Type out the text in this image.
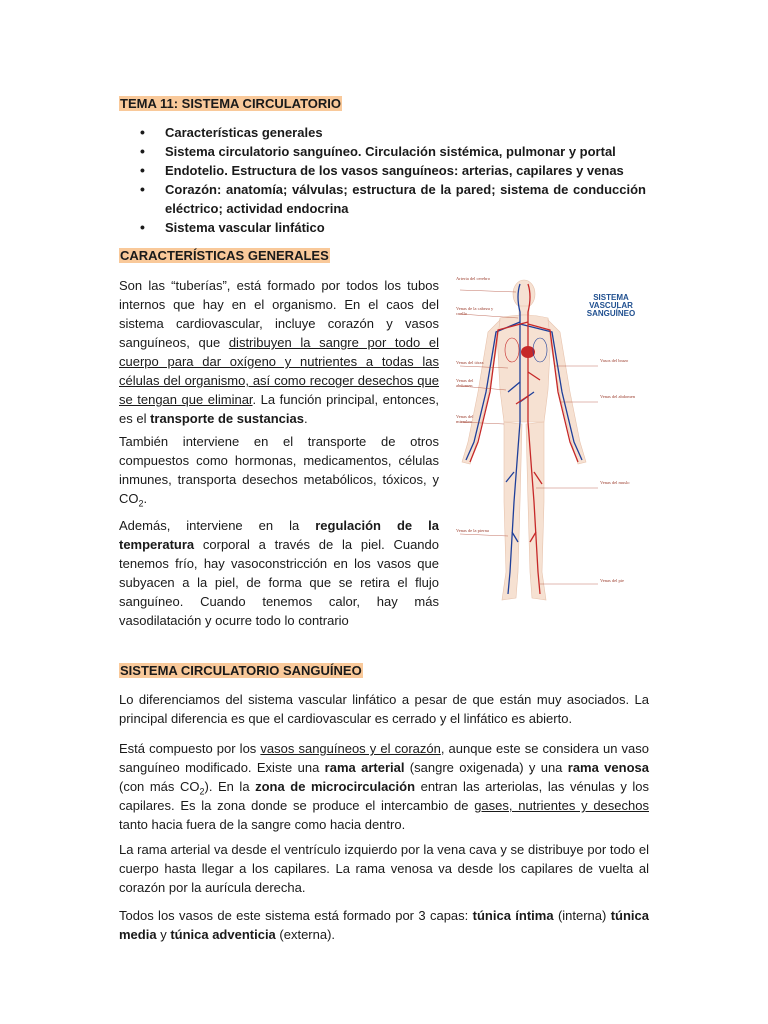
TEMA 11: SISTEMA CIRCULATORIO
• Características generales
• Sistema circulatorio sanguíneo. Circulación sistémica, pulmonar y portal
• Endotelio. Estructura de los vasos sanguíneos: arterias, capilares y venas
• Corazón: anatomía; válvulas; estructura de la pared; sistema de conducción eléctrico; actividad endocrina
• Sistema vascular linfático
CARACTERÍSTICAS GENERALES

Son las “tuberías”, está formado por todos los tubos internos que hay en el organismo. En el caos del sistema cardiovascular, incluye corazón y vasos sanguíneos, que distribuyen la sangre por todo el cuerpo para dar oxígeno y nutrientes a todas las células del organismo, así como recoger desechos que se tengan que eliminar. La función principal, entonces, es el transporte de sustancias.

También interviene en el transporte de otros compuestos como hormonas, medicamentos, células inmunes, transporta desechos metabólicos, tóxicos, y $CO_2$.

Además, interviene en la regulación de la temperatura corporal a través de la piel. Cuando tenemos frío, hay vasoconstricción en los vasos que subyacen a la piel, de forma que se retira el flujo sanguíneo. Cuando tenemos calor, hay más vasodilatación y ocurre todo lo contrario

SISTEMA
VASCULAR
SANGUÍNEO
Arteria del cerebro
Venas de la cabeza y cuello
Venas del tórax
Venas del abdomen
Venas del miembro
Venas de la pierna
Vasos del brazo
Venas del abdomen
Venas del muslo
Venas del pie
SISTEMA CIRCULATORIO SANGUÍNEO

Lo diferenciamos del sistema vascular linfático a pesar de que están muy asociados. La principal diferencia es que el cardiovascular es cerrado y el linfático es abierto.

Está compuesto por los vasos sanguíneos y el corazón, aunque este se considera un vaso sanguíneo modificado. Existe una rama arterial (sangre oxigenada) y una rama venosa (con más $CO_2$). En la zona de microcirculación entran las arteriolas, las vénulas y los capilares. Es la zona donde se produce el intercambio de gases, nutrientes y desechos tanto hacia fuera de la sangre como hacia dentro.

La rama arterial va desde el ventrículo izquierdo por la vena cava y se distribuye por todo el cuerpo hasta llegar a los capilares. La rama venosa va desde los capilares de vuelta al corazón por la aurícula derecha.

Todos los vasos de este sistema está formado por 3 capas: túnica íntima (interna) túnica media y túnica adventicia (externa).
